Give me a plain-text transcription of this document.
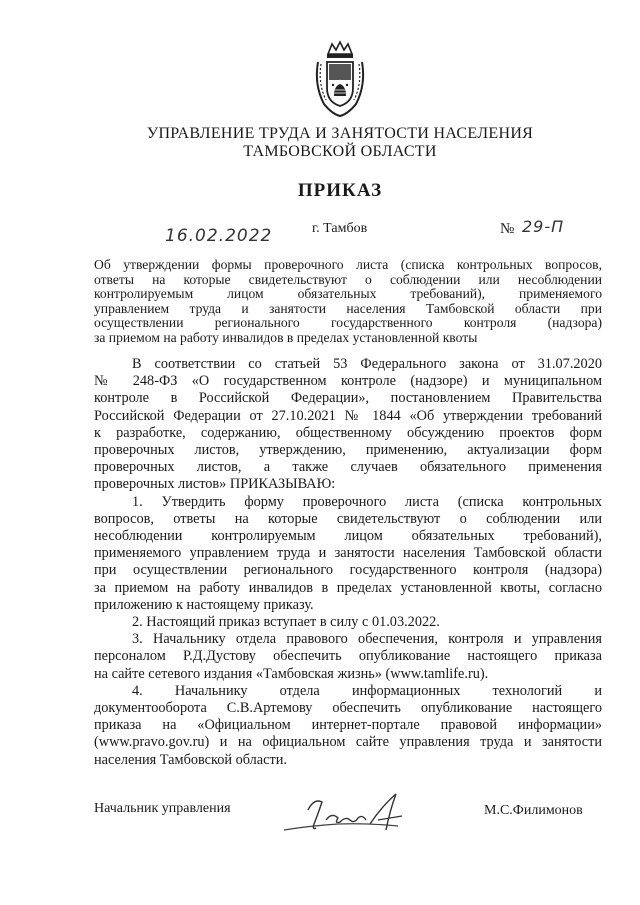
УПРАВЛЕНИЕ ТРУДА И ЗАНЯТОСТИ НАСЕЛЕНИЯ
ТАМБОВСКОЙ ОБЛАСТИ
ПРИКАЗ
16.02.2022	г. Тамбов	№ 29-П
Об утверждении формы проверочного листа (списка контрольных вопросов,
ответы на которые свидетельствуют о соблюдении или несоблюдении
контролируемым лицом обязательных требований), применяемого
управлением труда и занятости населения Тамбовской области при
осуществлении регионального государственного контроля (надзора)
за приемом на работу инвалидов в пределах установленной квоты
В соответствии со статьей 53 Федерального закона от 31.07.2020
№ 248-ФЗ «О государственном контроле (надзоре) и муниципальном
контроле в Российской Федерации», постановлением Правительства
Российской Федерации от 27.10.2021 № 1844 «Об утверждении требований
к разработке, содержанию, общественному обсуждению проектов форм
проверочных листов, утверждению, применению, актуализации форм
проверочных листов, а также случаев обязательного применения
проверочных листов» ПРИКАЗЫВАЮ:
1. Утвердить форму проверочного листа (списка контрольных
вопросов, ответы на которые свидетельствуют о соблюдении или
несоблюдении контролируемым лицом обязательных требований),
применяемого управлением труда и занятости населения Тамбовской области
при осуществлении регионального государственного контроля (надзора)
за приемом на работу инвалидов в пределах установленной квоты, согласно
приложению к настоящему приказу.
2. Настоящий приказ вступает в силу с 01.03.2022.
3. Начальнику отдела правового обеспечения, контроля и управления
персоналом Р.Д.Дустову обеспечить опубликование настоящего приказа
на сайте сетевого издания «Тамбовская жизнь» (www.tamlife.ru).
4. Начальнику отдела информационных технологий и
документооборота С.В.Артемову обеспечить опубликование настоящего
приказа на «Официальном интернет-портале правовой информации»
(www.pravo.gov.ru) и на официальном сайте управления труда и занятости
населения Тамбовской области.
Начальник управления	М.С.Филимонов
